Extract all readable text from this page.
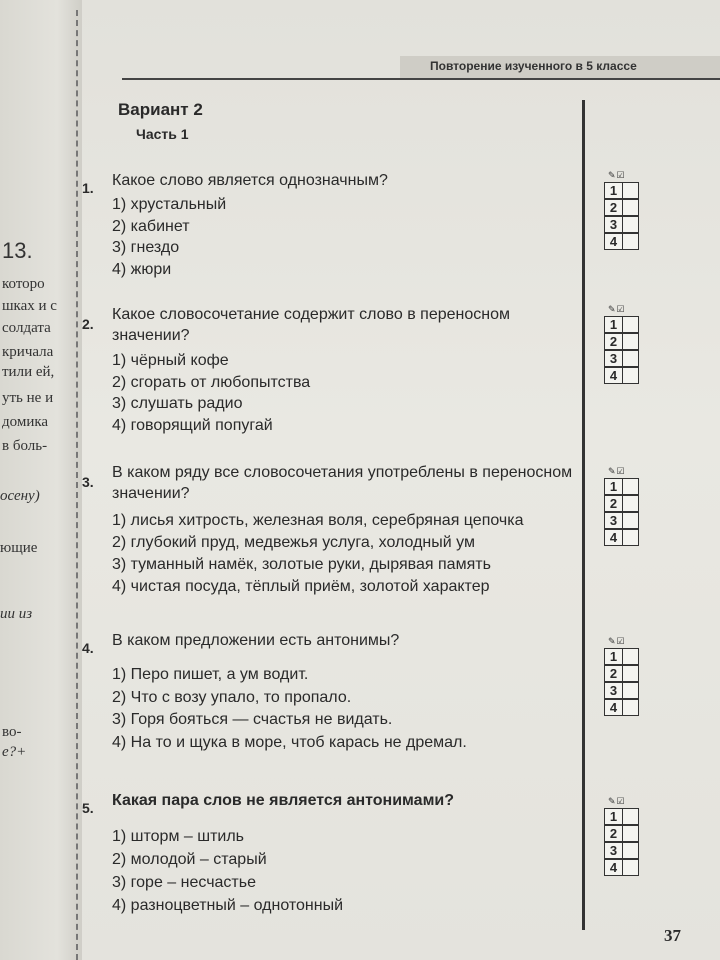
13.
которо
шках и с
солдата
кричала
тили ей,
уть не и
домика
в боль-
осену)
ющие
ии из
во-
е?+
Повторение изученного в 5 классе
Вариант 2
Часть 1
1. Какое слово является однозначным?
1) хрустальный
2) кабинет
3) гнездо
4) жюри
✎☑
1
2
3
4
2.
Какое словосочетание содержит слово в переносном значении?
1) чёрный кофе
2) сгорать от любопытства
3) слушать радио
4) говорящий попугай
✎☑
1
2
3
4
3.
В каком ряду все словосочетания употреблены в переносном значении?
1) лисья хитрость, железная воля, серебряная цепочка
2) глубокий пруд, медвежья услуга, холодный ум
3) туманный намёк, золотые руки, дырявая память
4) чистая посуда, тёплый приём, золотой характер
✎☑
1
2
3
4
4. В каком предложении есть антонимы?
1) Перо пишет, а ум водит.
2) Что с возу упало, то пропало.
3) Горя бояться — счастья не видать.
4) На то и щука в море, чтоб карась не дремал.
✎☑
1
2
3
4
5. Какая пара слов не является антонимами?
1) шторм – штиль
2) молодой – старый
3) горе – несчастье
4) разноцветный – однотонный
✎☑
1
2
3
4
37
